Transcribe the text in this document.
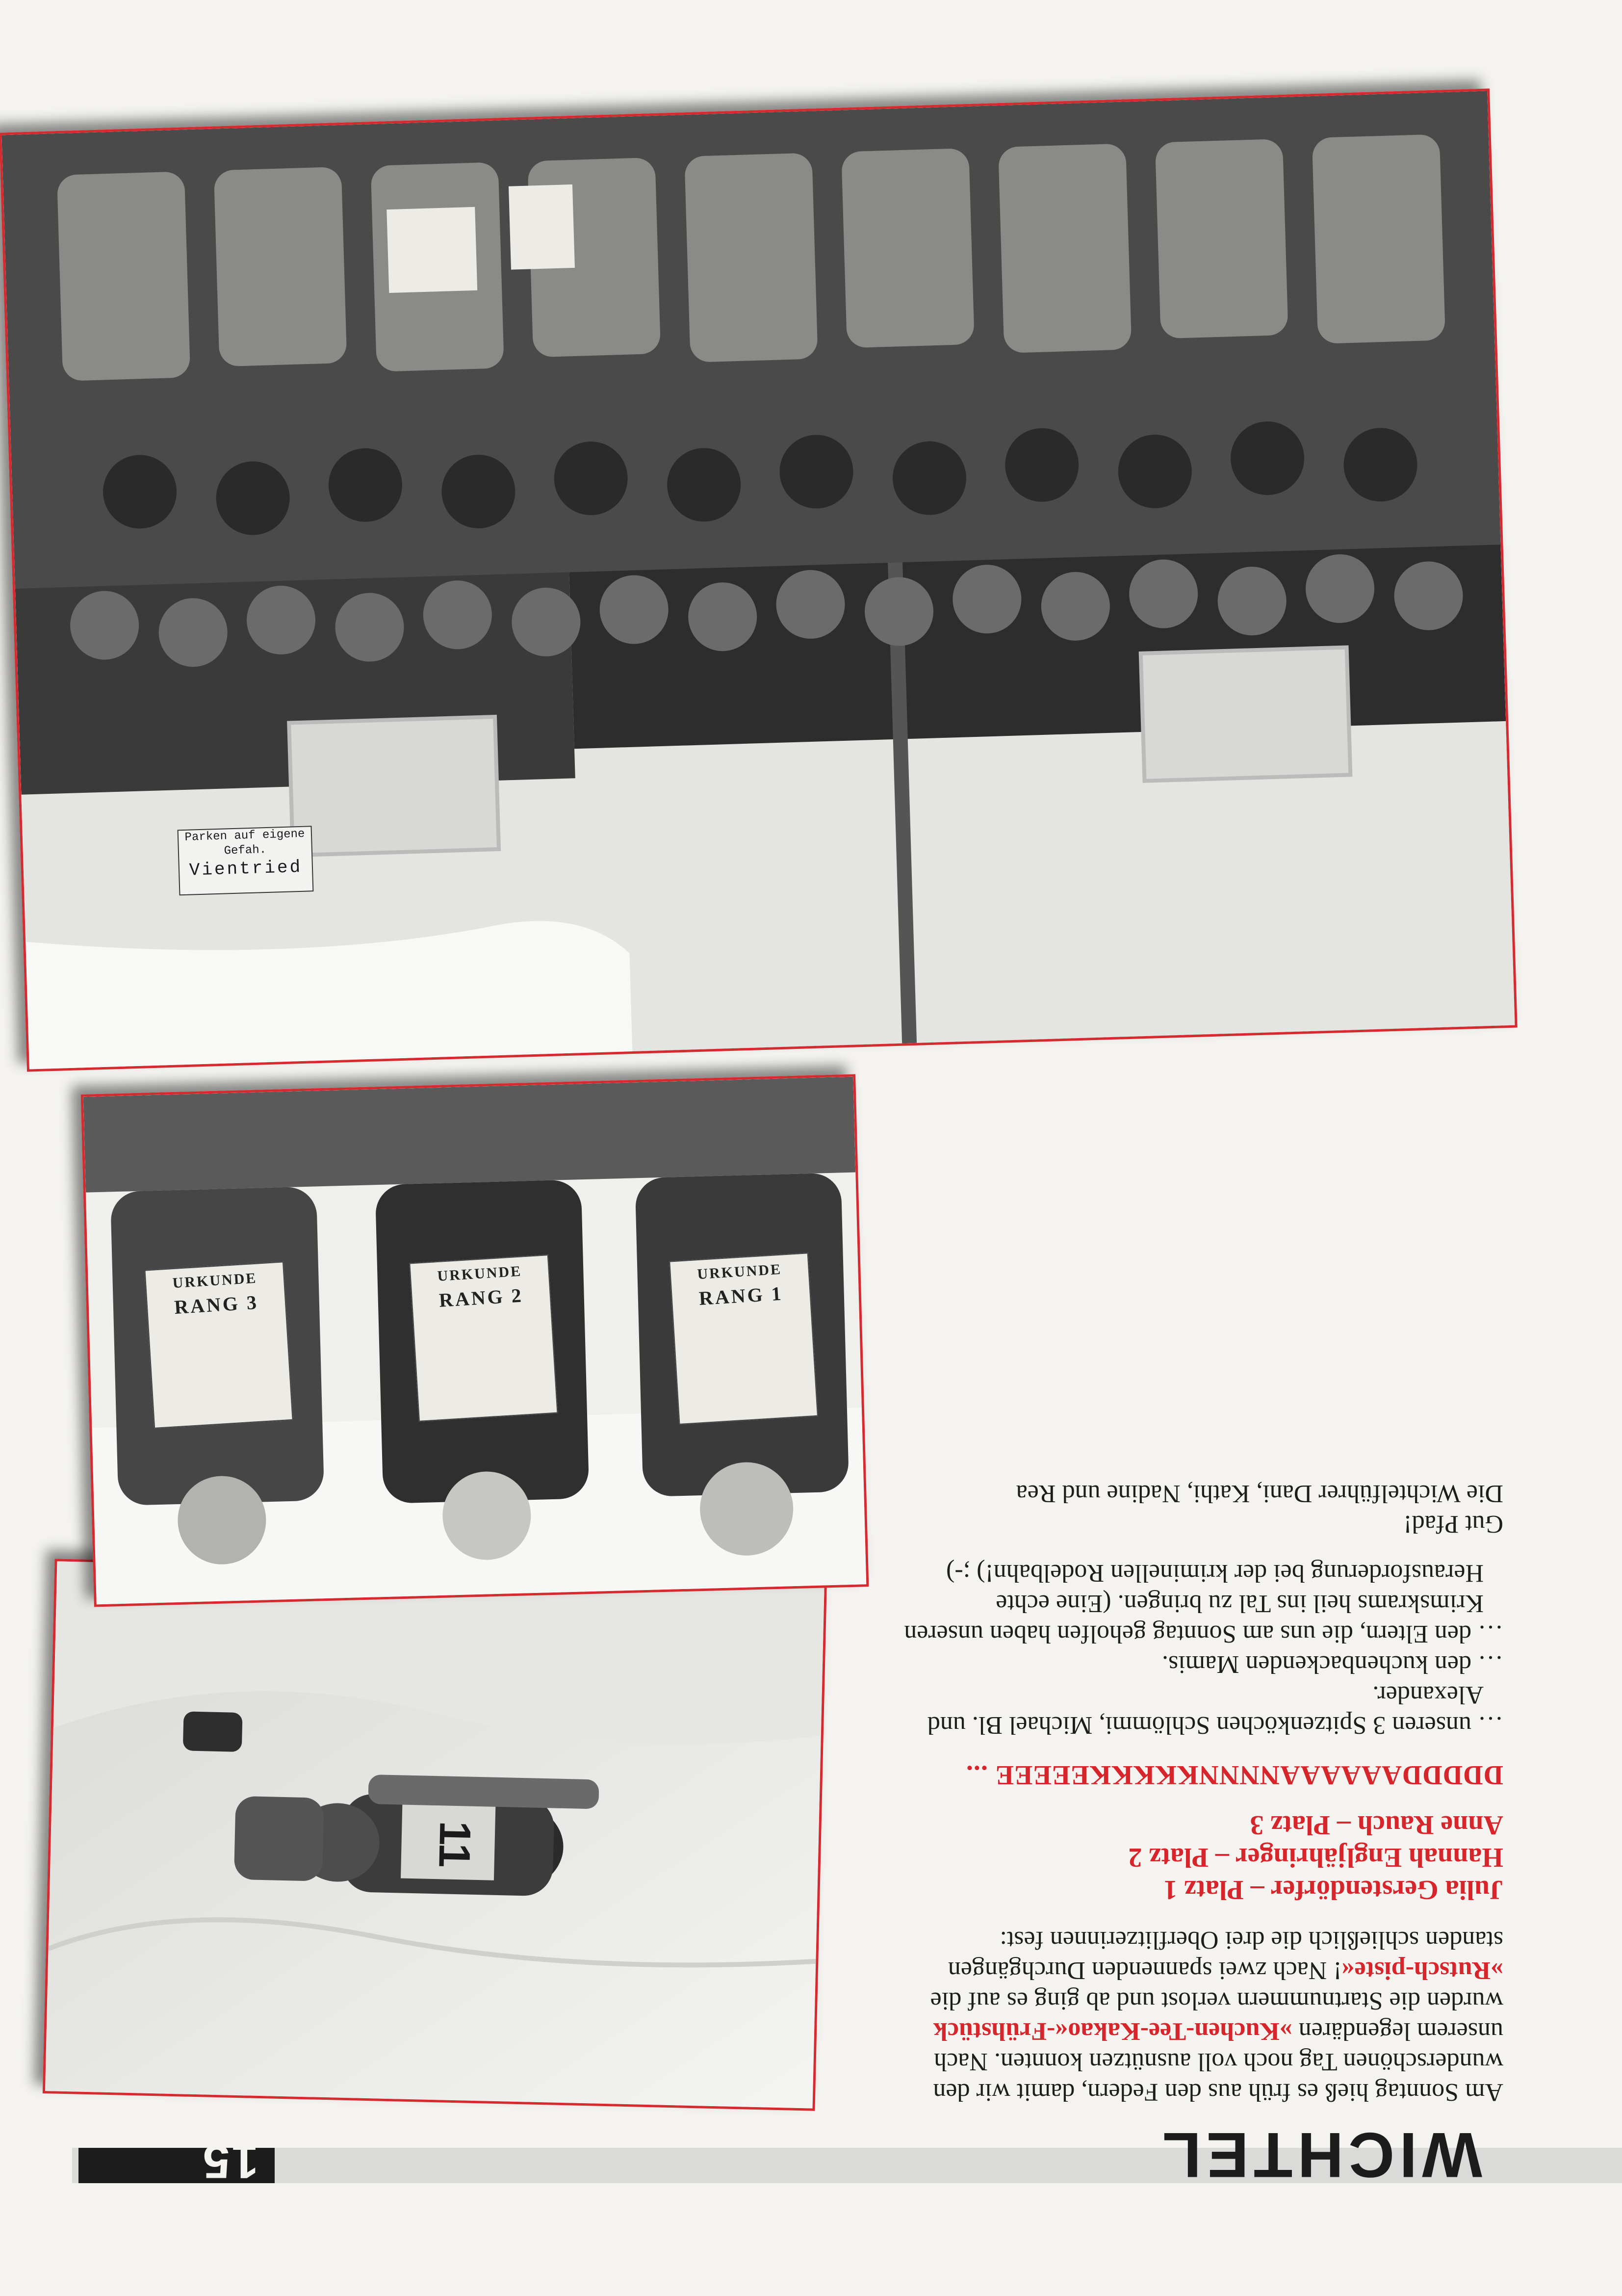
15	WICHTEL

Am Sonntag hieß es früh aus den Federn, damit wir den wunderschönen Tag noch voll ausnützen konnten. Nach unserem legendären »Kuchen-Tee-Kakao«-Frühstück wurden die Startnummern verlost und ab ging es auf die »Rutsch-piste«! Nach zwei spannenden Durchgängen standen schließlich die drei Oberflitzerinnen fest:

Julia Gerstendörfer – Platz 1
Hannah Engljähringer – Platz 2
Anne Rauch – Platz 3

DDDDDAAAAAANNNNKKKKKEEEEE ...

… unseren 3 Spitzenköchen Schlömmi, Michael Bl. und Alexander.

… den kuchenbackenden Mamis.

… den Eltern, die uns am Sonntag geholfen haben unseren Krimskrams heil ins Tal zu bringen. (Eine echte Herausforderung bei der kriminellen Rodelbahn!) ;-)

Gut Pfad!

Die Wichtelführer Dani, Kathi, Nadine und Rea

11
URKUNDE
RANG 1
URKUNDE
RANG 2
URKUNDE
RANG 3
Parken auf eigene
Gefah.
Vientried
